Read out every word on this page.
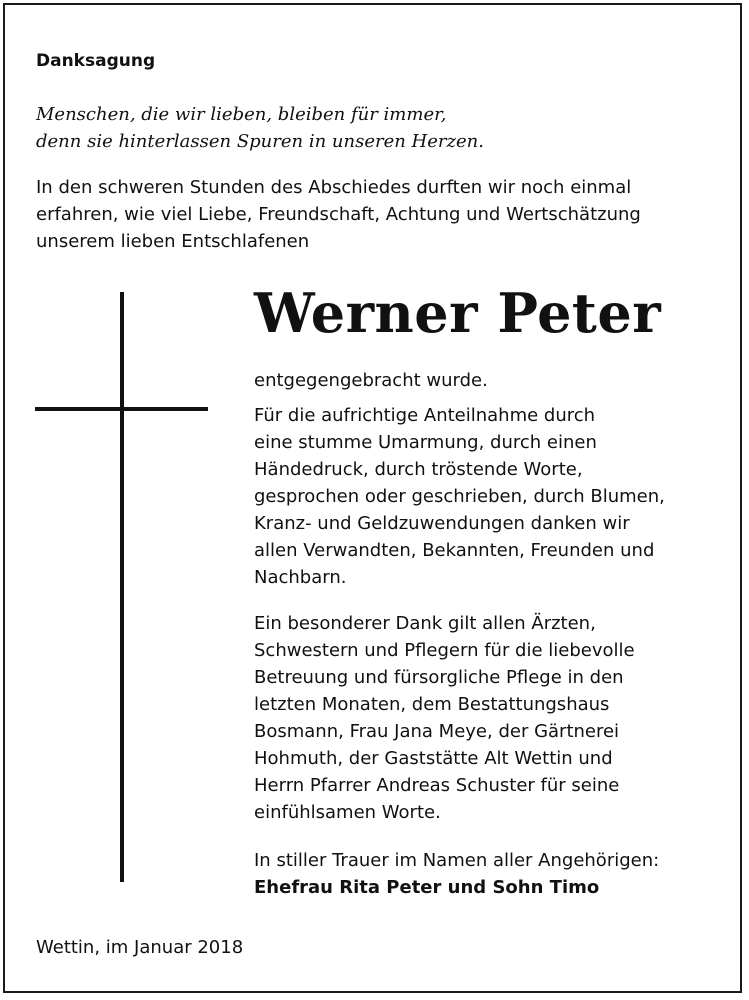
Danksagung

Menschen, die wir lieben, bleiben für immer,
denn sie hinterlassen Spuren in unseren Herzen.

In den schweren Stunden des Abschiedes durften wir noch einmal
erfahren, wie viel Liebe, Freundschaft, Achtung und Wertschätzung
unserem lieben Entschlafenen

Werner Peter

entgegengebracht wurde.

Für die aufrichtige Anteilnahme durch
eine stumme Umarmung, durch einen
Händedruck, durch tröstende Worte,
gesprochen oder geschrieben, durch Blumen,
Kranz- und Geldzuwendungen danken wir
allen Verwandten, Bekannten, Freunden und
Nachbarn.

Ein besonderer Dank gilt allen Ärzten,
Schwestern und Pflegern für die liebevolle
Betreuung und fürsorgliche Pflege in den
letzten Monaten, dem Bestattungshaus
Bosmann, Frau Jana Meye, der Gärtnerei
Hohmuth, der Gaststätte Alt Wettin und
Herrn Pfarrer Andreas Schuster für seine
einfühlsamen Worte.

In stiller Trauer im Namen aller Angehörigen:
Ehefrau Rita Peter und Sohn Timo

Wettin, im Januar 2018
